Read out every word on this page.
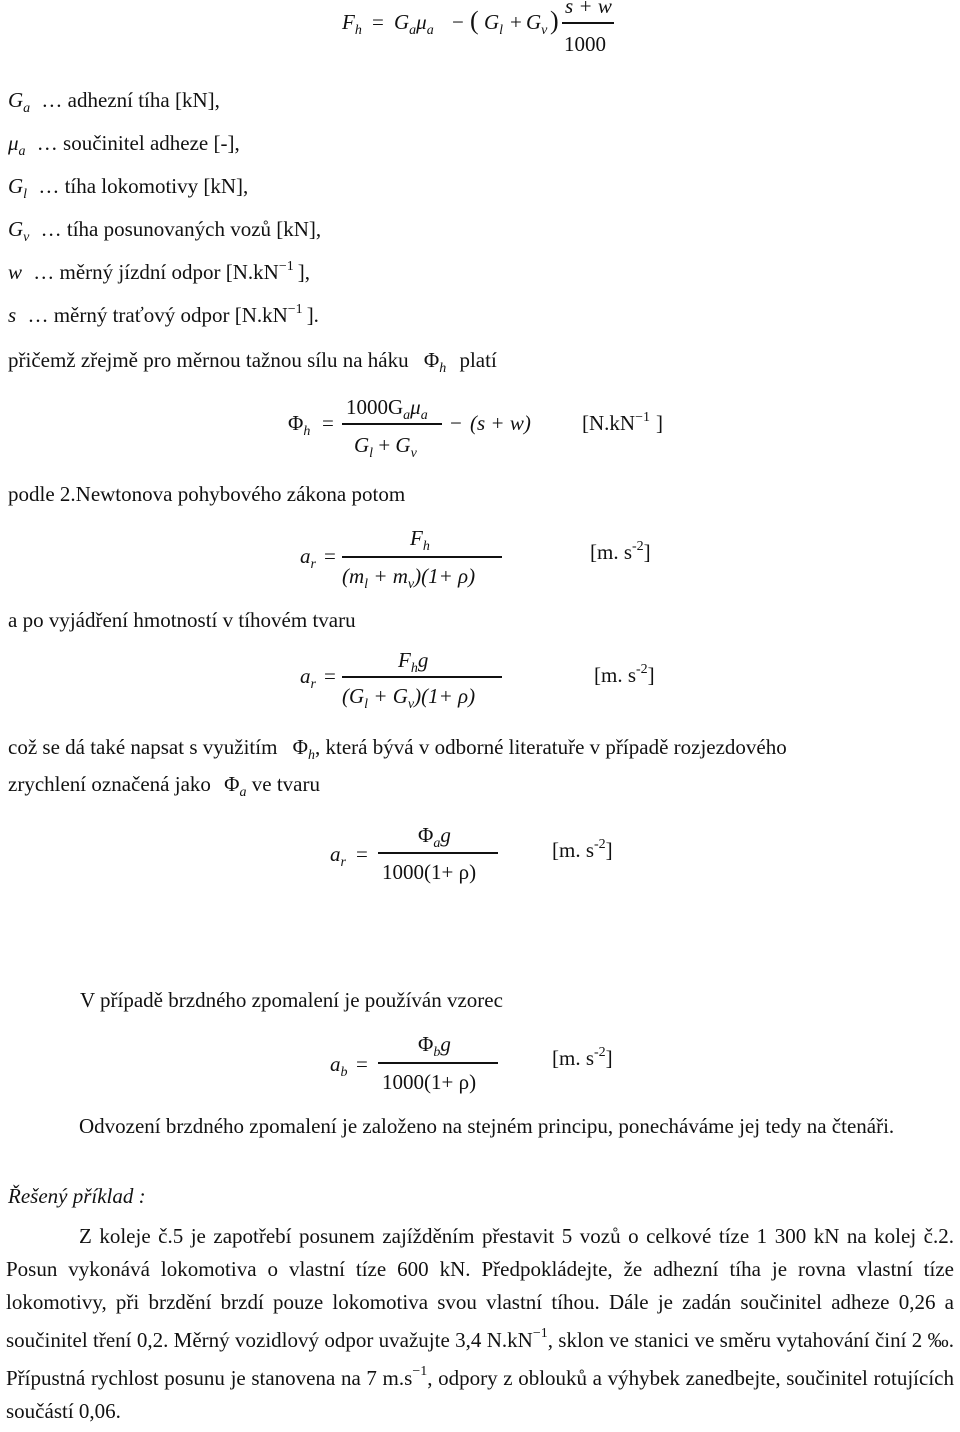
$F_h = G_a\mu_a$ − ( $G_l + G_v$ ) s + w
1000
$G_a$ … adhezní tíha [kN],
$\mu_a$ … součinitel adheze [-],
$G_l$ … tíha lokomotivy [kN],
$G_v$ … tíha posunovaných vozů [kN],
w … měrný jízdní odpor [$N.kN^{-1}$ ],
s … měrný traťový odpor [$N.kN^{-1}$ ].
přičemž zřejmě pro měrnou tažnou sílu na háku $\Phi_h$ platí
$\Phi_h$ =
$1000G_a\mu_a$
$G_l + G_v$
− (s + w) [$N.kN^{-1}$ ]
podle 2.Newtonova pohybového zákona potom
$a_r$ =
$F_h$
$(m_l + m_v)(1+ \rho)$
[m. $s^{-2}$]
a po vyjádření hmotností v tíhovém tvaru
$a_r$ =
$F_hg$
$(G_l + G_v)(1+ \rho)$
[m. $s^{-2}$]
což se dá také napsat s využitím $\Phi_h$, která bývá v odborné literatuře v případě rozjezdového
zrychlení označená jako $\Phi_a$ ve tvaru
$a_r$ =
$\Phi_ag$
1000(1+ ρ)
[m. $s^{-2}$]
V případě brzdného zpomalení je používán vzorec
$a_b$ =
$\Phi_bg$
1000(1+ ρ)
[m. $s^{-2}$]
Odvození brzdného zpomalení je založeno na stejném principu, ponecháváme jej tedy na čtenáři.
Řešený příklad :
Z koleje č.5 je zapotřebí posunem zajížděním přestavit 5 vozů o celkové tíze 1 300 kN na kolej č.2. Posun vykonává lokomotiva o vlastní tíze 600 kN. Předpokládejte, že adhezní tíha je rovna vlastní tíze lokomotivy, při brzdění brzdí pouze lokomotiva svou vlastní tíhou. Dále je zadán součinitel adheze 0,26 a součinitel tření 0,2. Měrný vozidlový odpor uvažujte 3,4 $N.kN^{-1}$, sklon ve stanici ve směru vytahování činí 2 ‰. Přípustná rychlost posunu je stanovena na 7 $m.s^{-1}$, odpory z oblouků a výhybek zanedbejte, součinitel rotujících součástí 0,06.
